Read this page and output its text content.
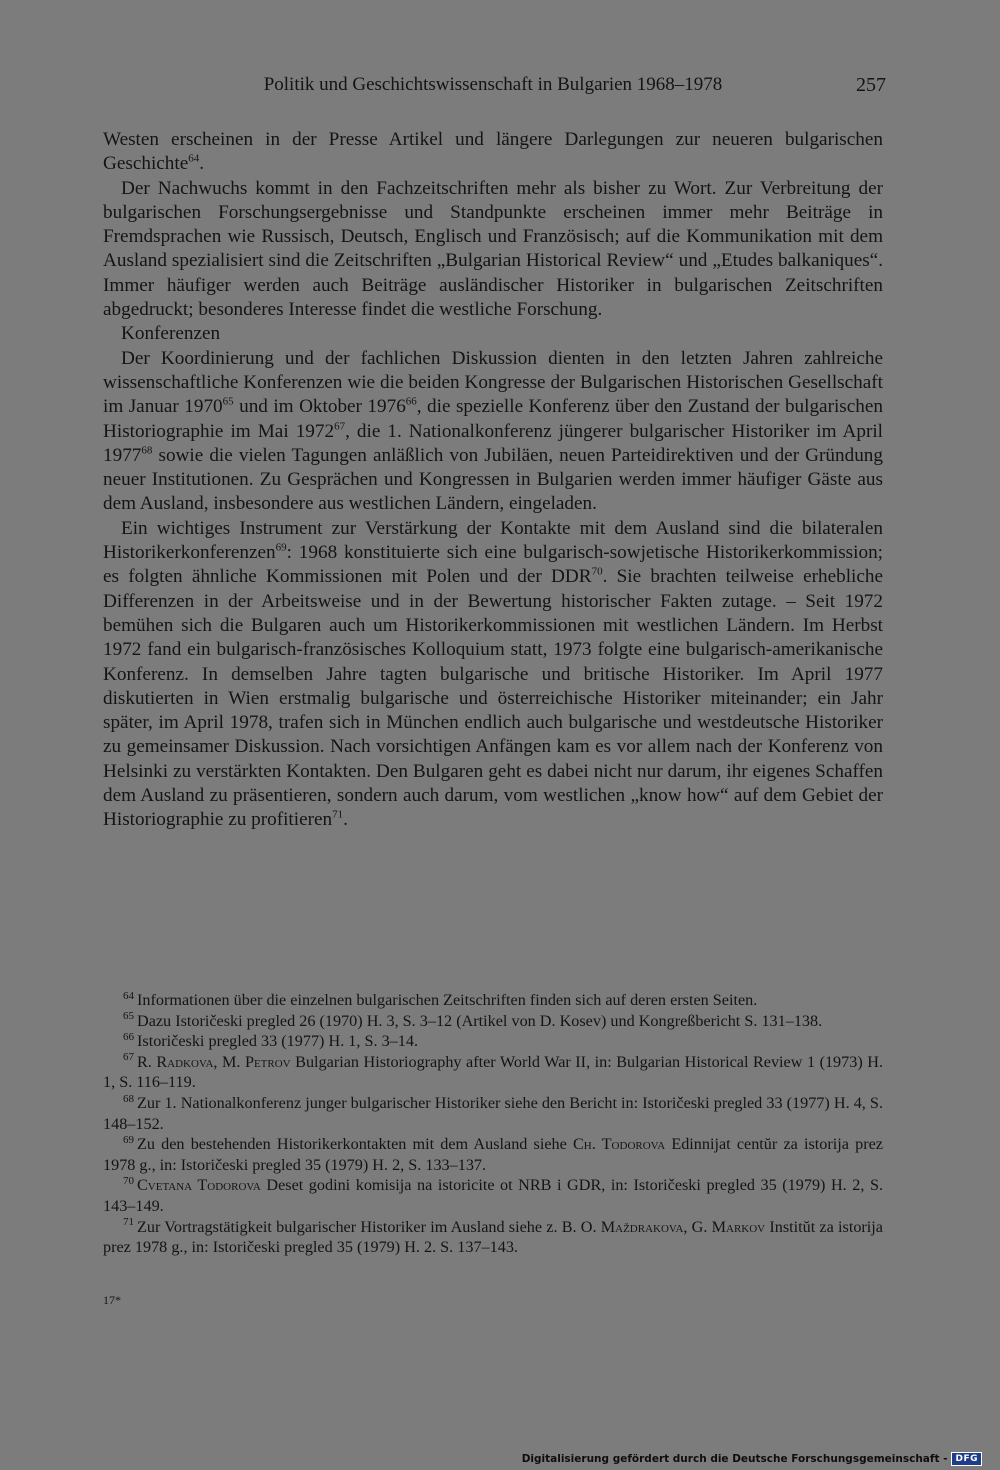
Politik und Geschichtswissenschaft in Bulgarien 1968–1978	257

Westen erscheinen in der Presse Artikel und längere Darlegungen zur neueren bulgarischen Geschichte$^{64}$.

Der Nachwuchs kommt in den Fachzeitschriften mehr als bisher zu Wort. Zur Verbreitung der bulgarischen Forschungsergebnisse und Standpunkte erscheinen immer mehr Beiträge in Fremdsprachen wie Russisch, Deutsch, Englisch und Französisch; auf die Kommunikation mit dem Ausland spezialisiert sind die Zeitschriften „Bulgarian Historical Review“ und „Etudes balkaniques“. Immer häufiger werden auch Beiträge ausländischer Historiker in bulgarischen Zeitschriften abgedruckt; besonderes Interesse findet die westliche Forschung.

Konferenzen

Der Koordinierung und der fachlichen Diskussion dienten in den letzten Jahren zahlreiche wissenschaftliche Konferenzen wie die beiden Kongresse der Bulgarischen Historischen Gesellschaft im Januar 1970$^{65}$ und im Oktober 1976$^{66}$, die spezielle Konferenz über den Zustand der bulgarischen Historiographie im Mai 1972$^{67}$, die 1. Nationalkonferenz jüngerer bulgarischer Historiker im April 1977$^{68}$ sowie die vielen Tagungen anläßlich von Jubiläen, neuen Parteidirektiven und der Gründung neuer Institutionen. Zu Gesprächen und Kongressen in Bulgarien werden immer häufiger Gäste aus dem Ausland, insbesondere aus westlichen Ländern, eingeladen.

Ein wichtiges Instrument zur Verstärkung der Kontakte mit dem Ausland sind die bilateralen Historikerkonferenzen$^{69}$: 1968 konstituierte sich eine bulgarisch-sowjetische Historikerkommission; es folgten ähnliche Kommissionen mit Polen und der DDR$^{70}$. Sie brachten teilweise erhebliche Differenzen in der Arbeitsweise und in der Bewertung historischer Fakten zutage. – Seit 1972 bemühen sich die Bulgaren auch um Historikerkommissionen mit westlichen Ländern. Im Herbst 1972 fand ein bulgarisch-französisches Kolloquium statt, 1973 folgte eine bulgarisch-amerikanische Konferenz. In demselben Jahre tagten bulgarische und britische Historiker. Im April 1977 diskutierten in Wien erstmalig bulgarische und österreichische Historiker miteinander; ein Jahr später, im April 1978, trafen sich in München endlich auch bulgarische und westdeutsche Historiker zu gemeinsamer Diskussion. Nach vorsichtigen Anfängen kam es vor allem nach der Konferenz von Helsinki zu verstärkten Kontakten. Den Bulgaren geht es dabei nicht nur darum, ihr eigenes Schaffen dem Ausland zu präsentieren, sondern auch darum, vom westlichen „know how“ auf dem Gebiet der Historiographie zu profitieren$^{71}$.

$^{64}$ Informationen über die einzelnen bulgarischen Zeitschriften finden sich auf deren ersten Seiten.

$^{65}$ Dazu Istoričeski pregled 26 (1970) H. 3, S. 3–12 (Artikel von D. Kosev) und Kongreßbericht S. 131–138.

$^{66}$ Istoričeski pregled 33 (1977) H. 1, S. 3–14.

$^{67}$ R. Radkova, M. Petrov Bulgarian Historiography after World War II, in: Bulgarian Historical Review 1 (1973) H. 1, S. 116–119.

$^{68}$ Zur 1. Nationalkonferenz junger bulgarischer Historiker siehe den Bericht in: Istoričeski pregled 33 (1977) H. 4, S. 148–152.

$^{69}$ Zu den bestehenden Historikerkontakten mit dem Ausland siehe Ch. Todorova Edinnijat centŭr za istorija prez 1978 g., in: Istoričeski pregled 35 (1979) H. 2, S. 133–137.

$^{70}$ Cvetana Todorova Deset godini komisija na istoricite ot NRB i GDR, in: Istoričeski pregled 35 (1979) H. 2, S. 143–149.

$^{71}$ Zur Vortragstätigkeit bulgarischer Historiker im Ausland siehe z. B. O. Maždrakova, G. Markov Institŭt za istorija prez 1978 g., in: Istoričeski pregled 35 (1979) H. 2. S. 137–143.

17*
Digitalisierung gefördert durch die Deutsche Forschungsgemeinschaft - DFG
